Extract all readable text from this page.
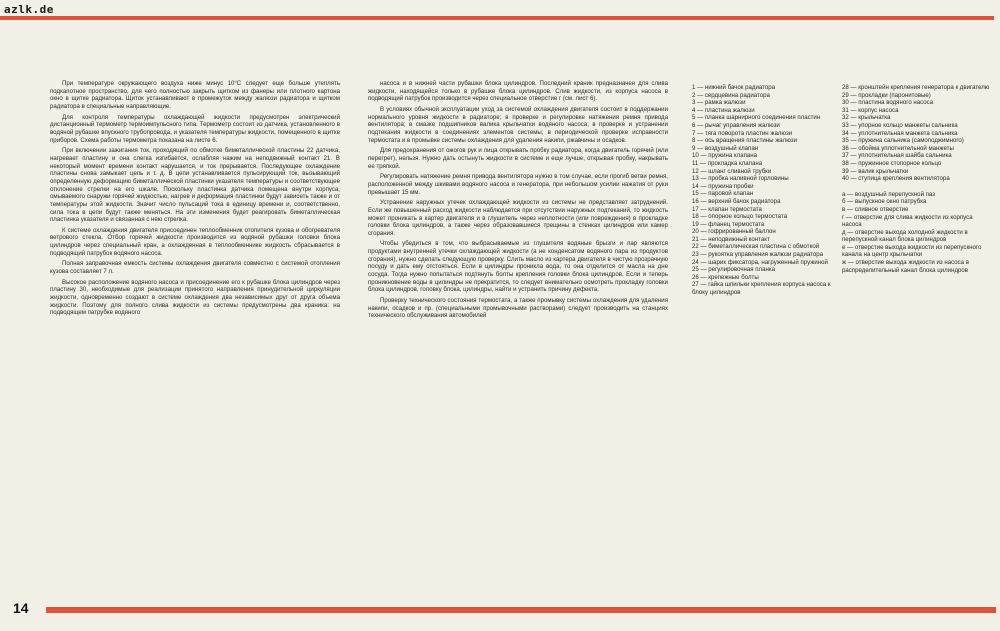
azlk.de

При температуре окружающего воздуха ниже минус 10°С следует еще больше утеплять подкапотное пространство, для чего полностью закрыть щитком из фанеры или плотного картона окно в щитке радиатора. Щиток устанавливают в промежуток между жалюзи радиатора и щитком радиатора в специальные направляющие.

Для контроля температуры охлаждающей жидкости предусмотрен электрический дистанционный термометр термоимпульсного типа. Термометр состоит из датчика, установленного в водяной рубашке впускного трубопровода, и указателя температуры жидкости, помещенного в щитке приборов. Схема работы термометра показана на листе 6.

При включении зажигания ток, проходящий по обмотке биметаллической пластины 22 датчика, нагревает пластину и она слегка изгибается, ослабляя нажим на неподвижный контакт 21. В некоторый момент времени контакт нарушается, и ток прерывается. Последующее охлаждение пластины снова замыкает цепь и т. д. В цепи устанавливается пульсирующий ток, вызывающий определенную деформацию биметаллической пластинки указателя температуры и соответствующее отклонение стрелки на его шкале. Поскольку пластинка датчика помещена внутри корпуса, омываемого снаружи горячей жидкостью, нагрев и деформация пластинки будут зависеть также и от температуры этой жидкости. Значит число пульсаций тока в единицу времени и, соответственно, сила тока в цепи будут также меняться. На эти изменения будет реагировать биметаллическая пластинка указателя и связанная с нею стрелка.

К системе охлаждения двигателя присоединен теплообменник отопителя кузова и обогревателя ветрового стекла. Отбор горячей жидкости производится из водяной рубашки головки блока цилиндров через специальный кран, а охлажденная в теплообменнике жидкость сбрасывается в подводящий патрубок водяного насоса.

Полная заправочная емкость системы охлаждения двигателя совместно с системой отопления кузова составляет 7 л.

Высокое расположение водяного насоса и присоединение его к рубашке блока цилиндров через пластину 30, необходимые для реализации принятого направления принудительной циркуляции жидкости, одновременно создают в системе охлаждения два независимых друг от друга объема жидкости. Поэтому для полного слива жидкости из системы предусмотрены два краника: на подводящем патрубке водяного

насоса и в нижней части рубашки блока цилиндров. Последний краник предназначен для слива жидкости, находящейся только в рубашке блока цилиндров. Слив жидкости, из корпуса насоса в подводящий патрубок производится через специальное отверстие г (см. лист 6).

В условиях обычной эксплуатации уход за системой охлаждения двигателя состоит в поддержании нормального уровня жидкости в радиаторе; в проверке и регулировке натяжения ремня привода вентилятора; в смазке подшипников валика крыльчатки водяного насоса; в проверке и устранении подтекания жидкости в соединениях элементов системы; в периодической проверке исправности термостата и в промывке системы охлаждения для удаления накипи, ржавчины и осадков.

Для предохранения от ожогов рук и лица открывать пробку радиатора, когда двигатель горячий (или перегрет), нельзя. Нужно дать остынуть жидкости в системе и еще лучше, открывая пробку, накрывать ее тряпкой.

Регулировать натяжение ремня привода вентилятора нужно в том случае, если прогиб ветви ремня, расположенной между шкивами водяного насоса и генератора, при небольшом усилии нажатия от руки превышает 15 мм.

Устранение наружных утечек охлаждающей жидкости из системы не представляет затруднений. Если же повышенный расход жидкости наблюдается при отсутствии наружных подтеканий, то жидкость может проникать в картер двигателя и в глушитель через неплотности (или повреждения) в прокладке головки блока цилиндров, а также через образовавшиеся трещины в стенках цилиндров или камер сгорания.

Чтобы убедиться в том, что выбрасываемые из глушителя водяные брызги и пар являются продуктами внутренней утечки охлаждающей жидкости (а не конденсатом водяного пара из продуктов сгорания), нужно сделать следующую проверку. Слить масло из картера двигателя в чистую прозрачную посуду и дать ему отстояться. Если в цилиндры проникла вода, то она отделится от масла на дне сосуда. Тогда нужно попытаться подтянуть болты крепления головки блока цилиндров. Если и теперь проникновение воды в цилиндры не прекратится, то следует внимательно осмотреть прокладку головки блока цилиндров, головку блока, цилиндры, найти и устранить причину дефекта.

Проверку технического состояния термостата, а также промывку системы охлаждения для удаления накипи, осадков и пр. (специальными промывочными растворами) следует производить на станциях технического обслуживания автомобилей

1 — нижний бачок радиатора
2 — сердцевина радиатора
3 — рамка жалюзи
4 — пластина жалюзи
5 — планка шарнирного соединения пластин
6 — рычаг управления жалюзи
7 — тяга поворота пластин жалюзи
8 — ось вращения пластины жалюзи
9 — воздушный клапан
10 — пружина клапана
11 — прокладка клапана
12 — шланг сливной трубки
13 — пробка наливной горловины
14 — пружина пробки
15 — паровой клапан
16 — верхний бачок радиатора
17 — клапан термостата
18 — опорное кольцо термостата
19 — фланец термостата
20 — гофрированный баллон
21 — неподвижный контакт
22 — биметаллическая пластина с обмоткой
23 — рукоятка управления жалюзи радиатора
24 — шарик фиксатора, нагруженный пружиной
25 — регулировочная планка
26 — крепежные болты
27 — гайка шпильки крепления корпуса насоса к блоку цилиндров
28 — кронштейн крепления генератора к двигателю
29 — прокладки (паронитовые)
30 — пластина водяного насоса
31 — корпус насоса
32 — крыльчатка
33 — упорное кольцо манжеты сальника
34 — уплотнительная манжета сальника
35 — пружина сальника (самоподжимного)
36 — обойма уплотнительной манжеты
37 — уплотнительная шайба сальника
38 — пружинное стопорное кольцо
39 — валик крыльчатки
40 — ступица крепления вентилятора
а — воздушный перепускной паз
б — выпускное окно патрубка
в — сливное отверстие
г — отверстие для слива жидкости из корпуса насоса
д — отверстие выхода холодной жидкости в перепускной канал блока цилиндров
е — отверстие выхода жидкости из перепускного канала на центр крыльчатки
ж — отверстие выхода жидкости из насоса в распределительный канал блока цилиндров
14
